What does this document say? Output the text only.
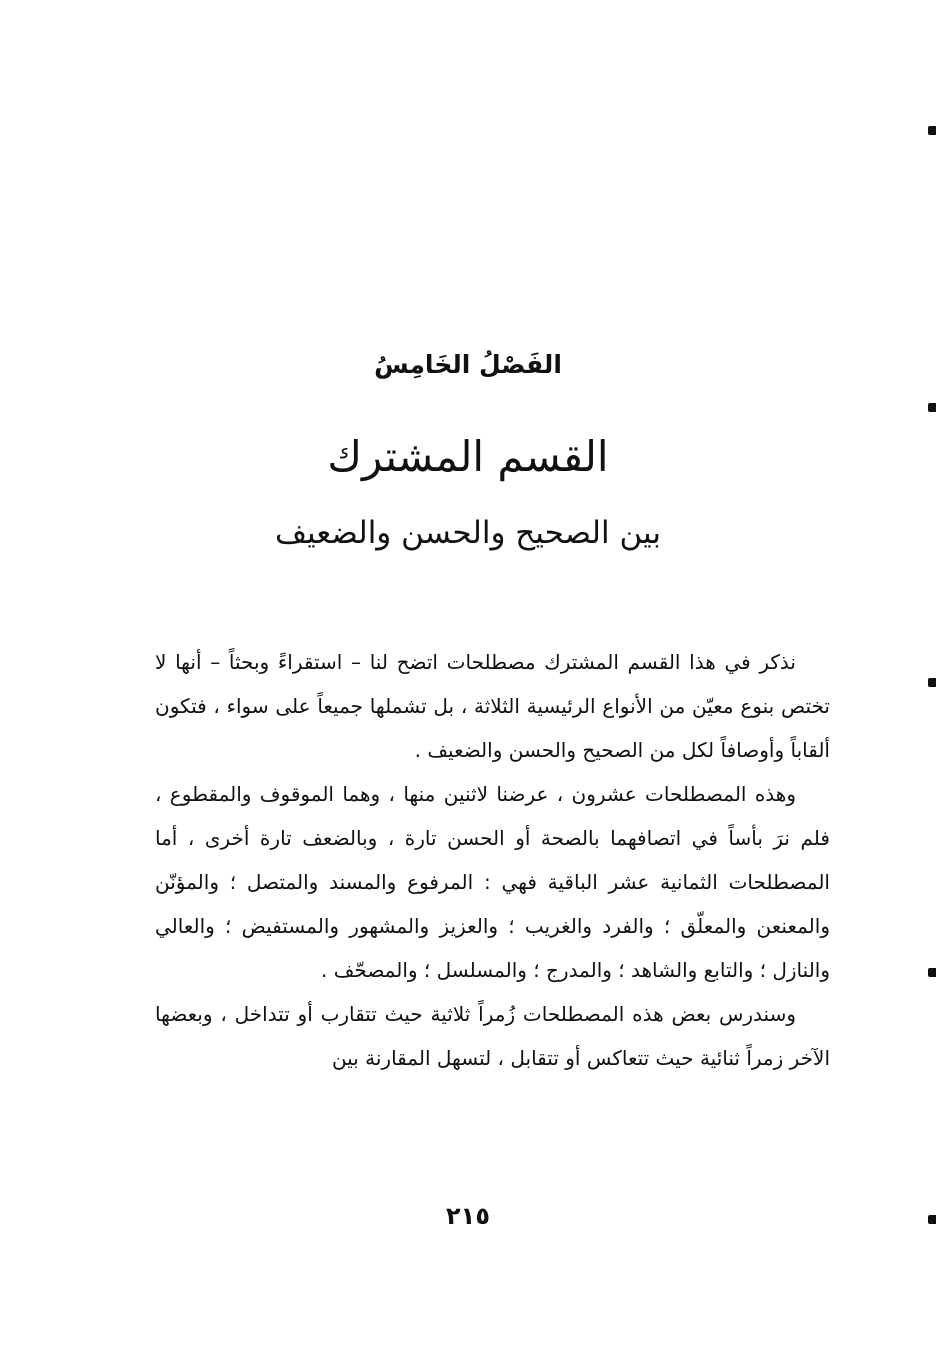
الفَصْلُ الخَامِسُ
القسم المشترك
بين الصحيح والحسن والضعيف

نذكر في هذا القسم المشترك مصطلحات اتضح لنا – استقراءً وبحثاً – أنها لا تختص بنوع معيّن من الأنواع الرئيسية الثلاثة ، بل تشملها جميعاً على سواء ، فتكون ألقاباً وأوصافاً لكل من الصحيح والحسن والضعيف .

وهذه المصطلحات عشرون ، عرضنا لاثنين منها ، وهما الموقوف والمقطوع ، فلم نرَ بأساً في اتصافهما بالصحة أو الحسن تارة ، وبالضعف تارة أخرى ، أما المصطلحات الثمانية عشر الباقية فهي : المرفوع والمسند والمتصل ؛ والمؤنّن والمعنعن والمعلّق ؛ والفرد والغريب ؛ والعزيز والمشهور والمستفيض ؛ والعالي والنازل ؛ والتابع والشاهد ؛ والمدرج ؛ والمسلسل ؛ والمصحّف .

وسندرس بعض هذه المصطلحات زُمراً ثلاثية حيث تتقارب أو تتداخل ، وبعضها الآخر زمراً ثنائية حيث تتعاكس أو تتقابل ، لتسهل المقارنة بين

٢١٥
